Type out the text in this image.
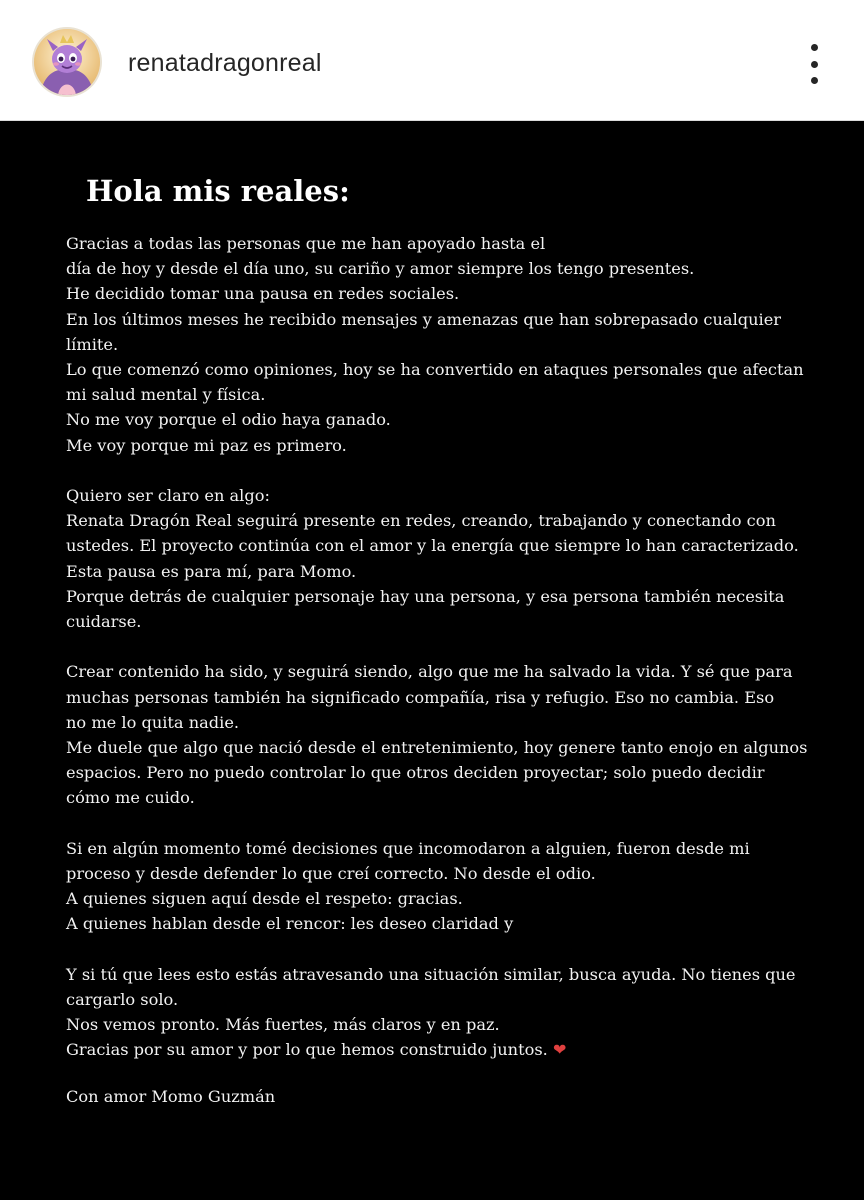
renatadragonreal
Hola mis reales:

Gracias a todas las personas que me han apoyado hasta el
día de hoy y desde el día uno, su cariño y amor siempre los tengo presentes.
He decidido tomar una pausa en redes sociales.
En los últimos meses he recibido mensajes y amenazas que han sobrepasado cualquier
límite.
Lo que comenzó como opiniones, hoy se ha convertido en ataques personales que afectan
mi salud mental y física.
No me voy porque el odio haya ganado.
Me voy porque mi paz es primero.

Quiero ser claro en algo:
Renata Dragón Real seguirá presente en redes, creando, trabajando y conectando con
ustedes. El proyecto continúa con el amor y la energía que siempre lo han caracterizado.
Esta pausa es para mí, para Momo.
Porque detrás de cualquier personaje hay una persona, y esa persona también necesita
cuidarse.

Crear contenido ha sido, y seguirá siendo, algo que me ha salvado la vida. Y sé que para
muchas personas también ha significado compañía, risa y refugio. Eso no cambia. Eso
no me lo quita nadie.
Me duele que algo que nació desde el entretenimiento, hoy genere tanto enojo en algunos
espacios. Pero no puedo controlar lo que otros deciden proyectar; solo puedo decidir
cómo me cuido.

Si en algún momento tomé decisiones que incomodaron a alguien, fueron desde mi
proceso y desde defender lo que creí correcto. No desde el odio.
A quienes siguen aquí desde el respeto: gracias.
A quienes hablan desde el rencor: les deseo claridad y

Y si tú que lees esto estás atravesando una situación similar, busca ayuda. No tienes que
cargarlo solo.
Nos vemos pronto. Más fuertes, más claros y en paz.
Gracias por su amor y por lo que hemos construido juntos. ❤

Con amor Momo Guzmán
